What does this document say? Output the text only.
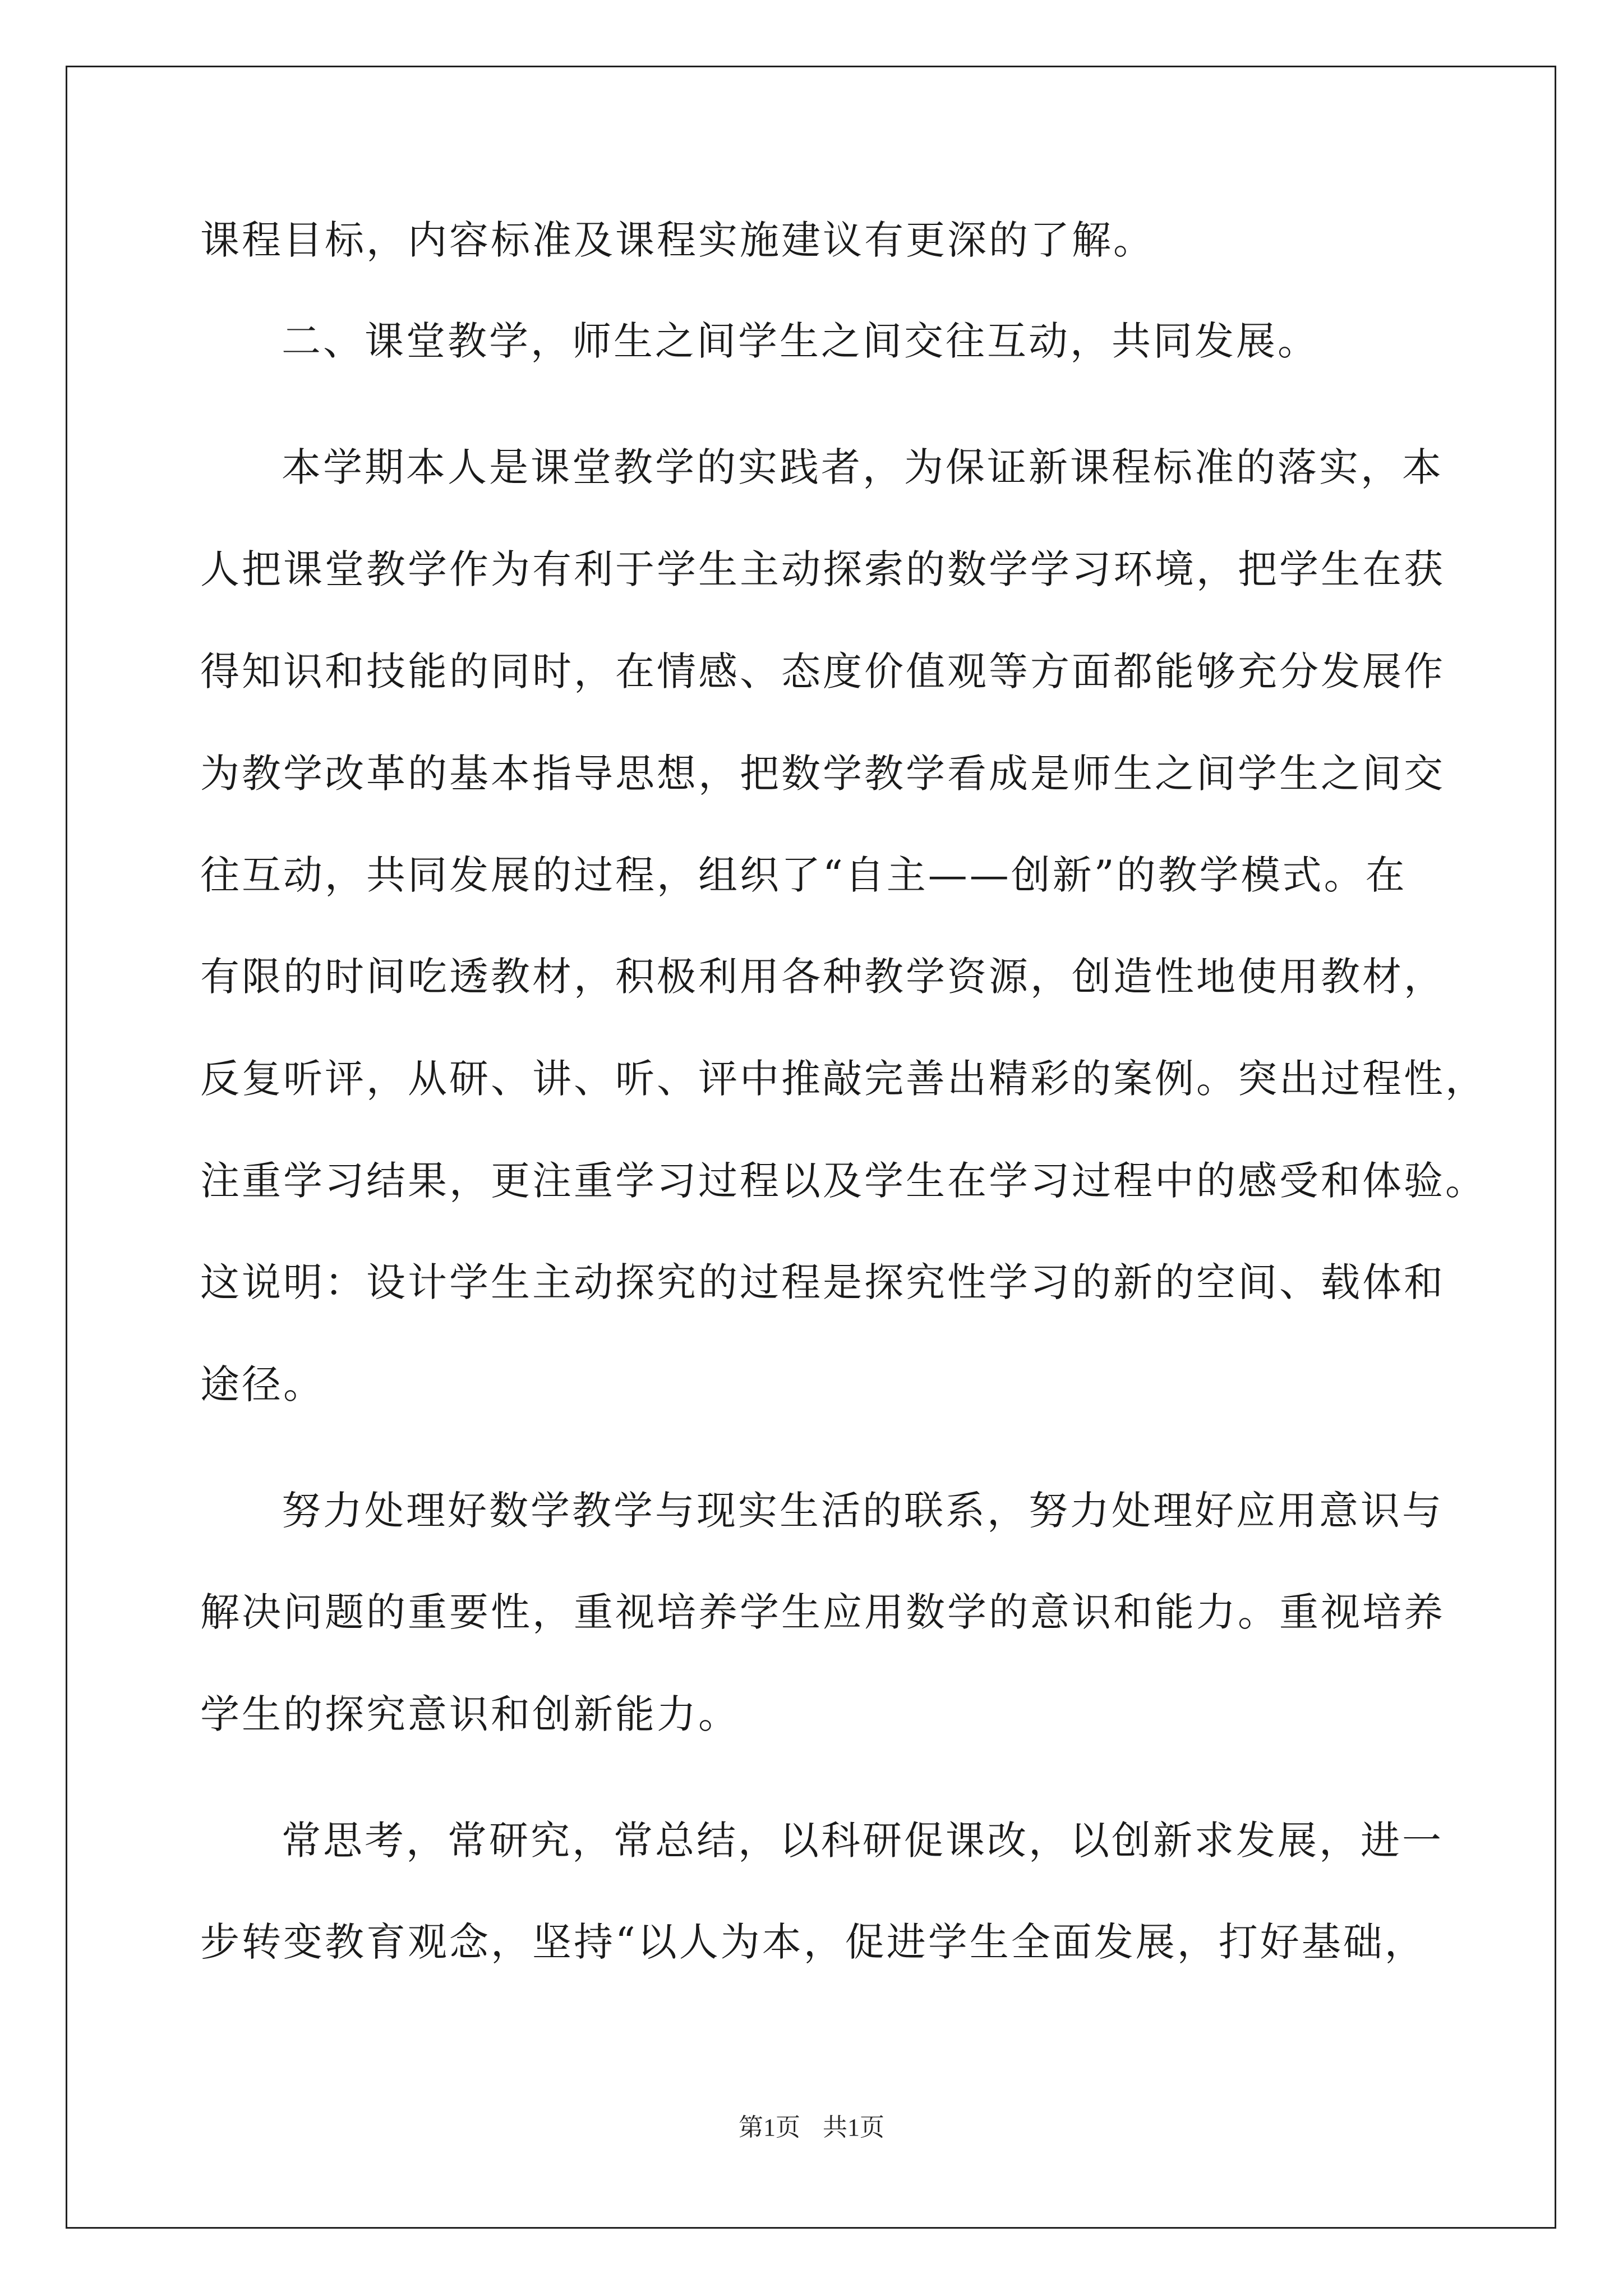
课程目标，内容标准及课程实施建议有更深的了解。
二、课堂教学，师生之间学生之间交往互动，共同发展。
本学期本人是课堂教学的实践者，为保证新课程标准的落实，本
人把课堂教学作为有利于学生主动探索的数学学习环境，把学生在获
得知识和技能的同时，在情感、态度价值观等方面都能够充分发展作
为教学改革的基本指导思想，把数学教学看成是师生之间学生之间交
往互动，共同发展的过程，组织了“自主——创新”的教学模式。在
有限的时间吃透教材，积极利用各种教学资源，创造性地使用教材，
反复听评，从研、讲、听、评中推敲完善出精彩的案例。突出过程性，
注重学习结果，更注重学习过程以及学生在学习过程中的感受和体验。
这说明：设计学生主动探究的过程是探究性学习的新的空间、载体和
途径。
努力处理好数学教学与现实生活的联系，努力处理好应用意识与
解决问题的重要性，重视培养学生应用数学的意识和能力。重视培养
学生的探究意识和创新能力。
常思考，常研究，常总结，以科研促课改，以创新求发展，进一
步转变教育观念，坚持“以人为本，促进学生全面发展，打好基础，
第1页 共1页
